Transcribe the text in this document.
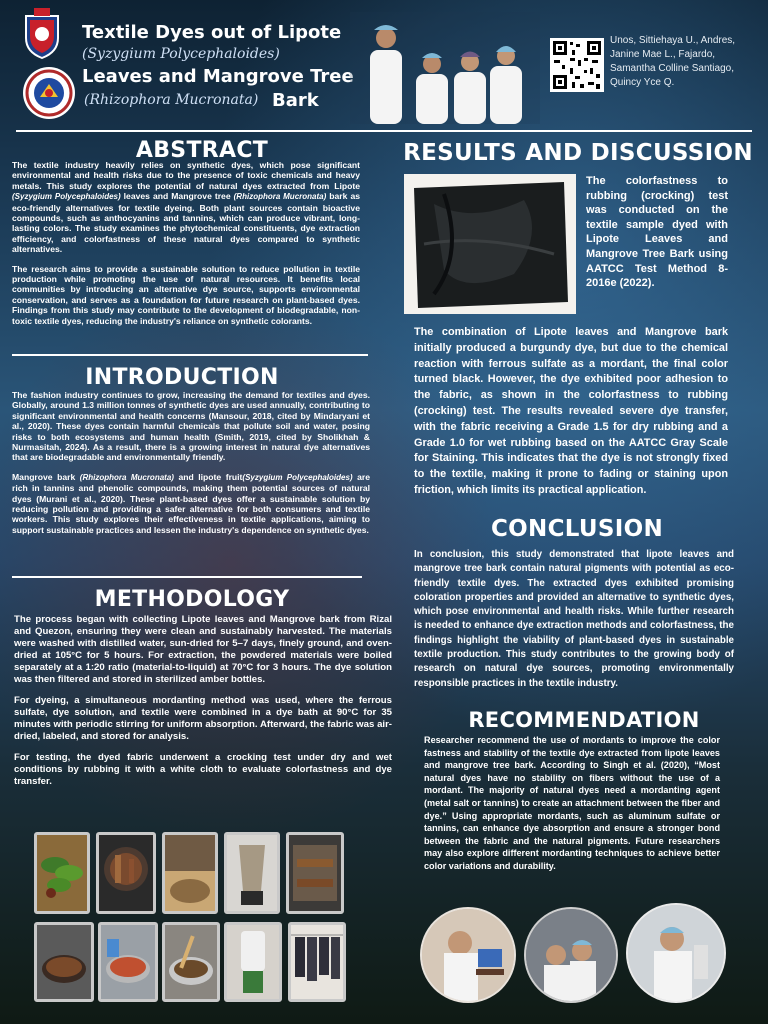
Textile Dyes out of Lipote
(Syzygium Polycephaloides)
Leaves and Mangrove Tree
(Rhizophora Mucronata) Bark
Unos, Sittiehaya U., Andres, Janine Mae L., Fajardo, Samantha Colline Santiago, Quincy Yce Q.
ABSTRACT

The textile industry heavily relies on synthetic dyes, which pose significant environmental and health risks due to the presence of toxic chemicals and heavy metals. This study explores the potential of natural dyes extracted from Lipote (Syzygium Polycephaloides) leaves and Mangrove tree (Rhizophora Mucronata) bark as eco-friendly alternatives for textile dyeing. Both plant sources contain bioactive compounds, such as anthocyanins and tannins, which can produce vibrant, long-lasting colors. The study examines the phytochemical constituents, dye extraction efficiency, and colorfastness of these natural dyes compared to synthetic alternatives.

The research aims to provide a sustainable solution to reduce pollution in textile production while promoting the use of natural resources. It benefits local communities by introducing an alternative dye source, supports environmental conservation, and serves as a foundation for future research on plant-based dyes. Findings from this study may contribute to the development of biodegradable, non-toxic textile dyes, reducing the industry's reliance on synthetic colorants.

INTRODUCTION

The fashion industry continues to grow, increasing the demand for textiles and dyes. Globally, around 1.3 million tonnes of synthetic dyes are used annually, contributing to significant environmental and health concerns (Mansour, 2018, cited by Mindaryani et al., 2020). These dyes contain harmful chemicals that pollute soil and water, posing risks to both ecosystems and human health (Smith, 2019, cited by Sholikhah & Nurmasitah, 2024). As a result, there is a growing interest in natural dye alternatives that are biodegradable and environmentally friendly.

Mangrove bark (Rhizophora Mucronata) and lipote fruit(Syzygium Polycephaloides) are rich in tannins and phenolic compounds, making them potential sources of natural dyes (Murani et al., 2020). These plant-based dyes offer a sustainable solution by reducing pollution and providing a safer alternative for both consumers and textile workers. This study explores their effectiveness in textile applications, aiming to support sustainable practices and lessen the industry's dependence on synthetic dyes.

METHODOLOGY

The process began with collecting Lipote leaves and Mangrove bark from Rizal and Quezon, ensuring they were clean and sustainably harvested. The materials were washed with distilled water, sun-dried for 5–7 days, finely ground, and oven-dried at 105°C for 5 hours. For extraction, the powdered materials were boiled separately at a 1:20 ratio (material-to-liquid) at 70°C for 3 hours. The dye solution was then filtered and stored in sterilized amber bottles.

For dyeing, a simultaneous mordanting method was used, where the ferrous sulfate, dye solution, and textile were combined in a dye bath at 90°C for 35 minutes with periodic stirring for uniform absorption. Afterward, the fabric was air-dried, labeled, and stored for analysis.

For testing, the dyed fabric underwent a crocking test under dry and wet conditions by rubbing it with a white cloth to evaluate colorfastness and dye transfer.

RESULTS AND DISCUSSION

The colorfastness to rubbing (crocking) test was conducted on the textile sample dyed with Lipote Leaves and Mangrove Tree Bark using AATCC Test Method 8-2016e (2022).

The combination of Lipote leaves and Mangrove bark initially produced a burgundy dye, but due to the chemical reaction with ferrous sulfate as a mordant, the final color turned black. However, the dye exhibited poor adhesion to the fabric, as shown in the colorfastness to rubbing (crocking) test. The results revealed severe dye transfer, with the fabric receiving a Grade 1.5 for dry rubbing and a Grade 1.0 for wet rubbing based on the AATCC Gray Scale for Staining. This indicates that the dye is not strongly fixed to the textile, making it prone to fading or staining upon friction, which limits its practical application.

CONCLUSION

In conclusion, this study demonstrated that lipote leaves and mangrove tree bark contain natural pigments with potential as eco-friendly textile dyes. The extracted dyes exhibited promising coloration properties and provided an alternative to synthetic dyes, which pose environmental and health risks. While further research is needed to enhance dye extraction methods and colorfastness, the findings highlight the viability of plant-based dyes in sustainable textile production. This study contributes to the growing body of research on natural dye sources, promoting environmentally responsible practices in the textile industry.

RECOMMENDATION

Researcher recommend the use of mordants to improve the color fastness and stability of the textile dye extracted from lipote leaves and mangrove tree bark. According to Singh et al. (2020), “Most natural dyes have no stability on fibers without the use of a mordant. The majority of natural dyes need a mordanting agent (metal salt or tannins) to create an attachment between the fiber and dye.” Using appropriate mordants, such as aluminum sulfate or tannins, can enhance dye absorption and ensure a stronger bond between the fabric and the natural pigments. Future researchers may also explore different mordanting techniques to achieve better color variations and durability.
